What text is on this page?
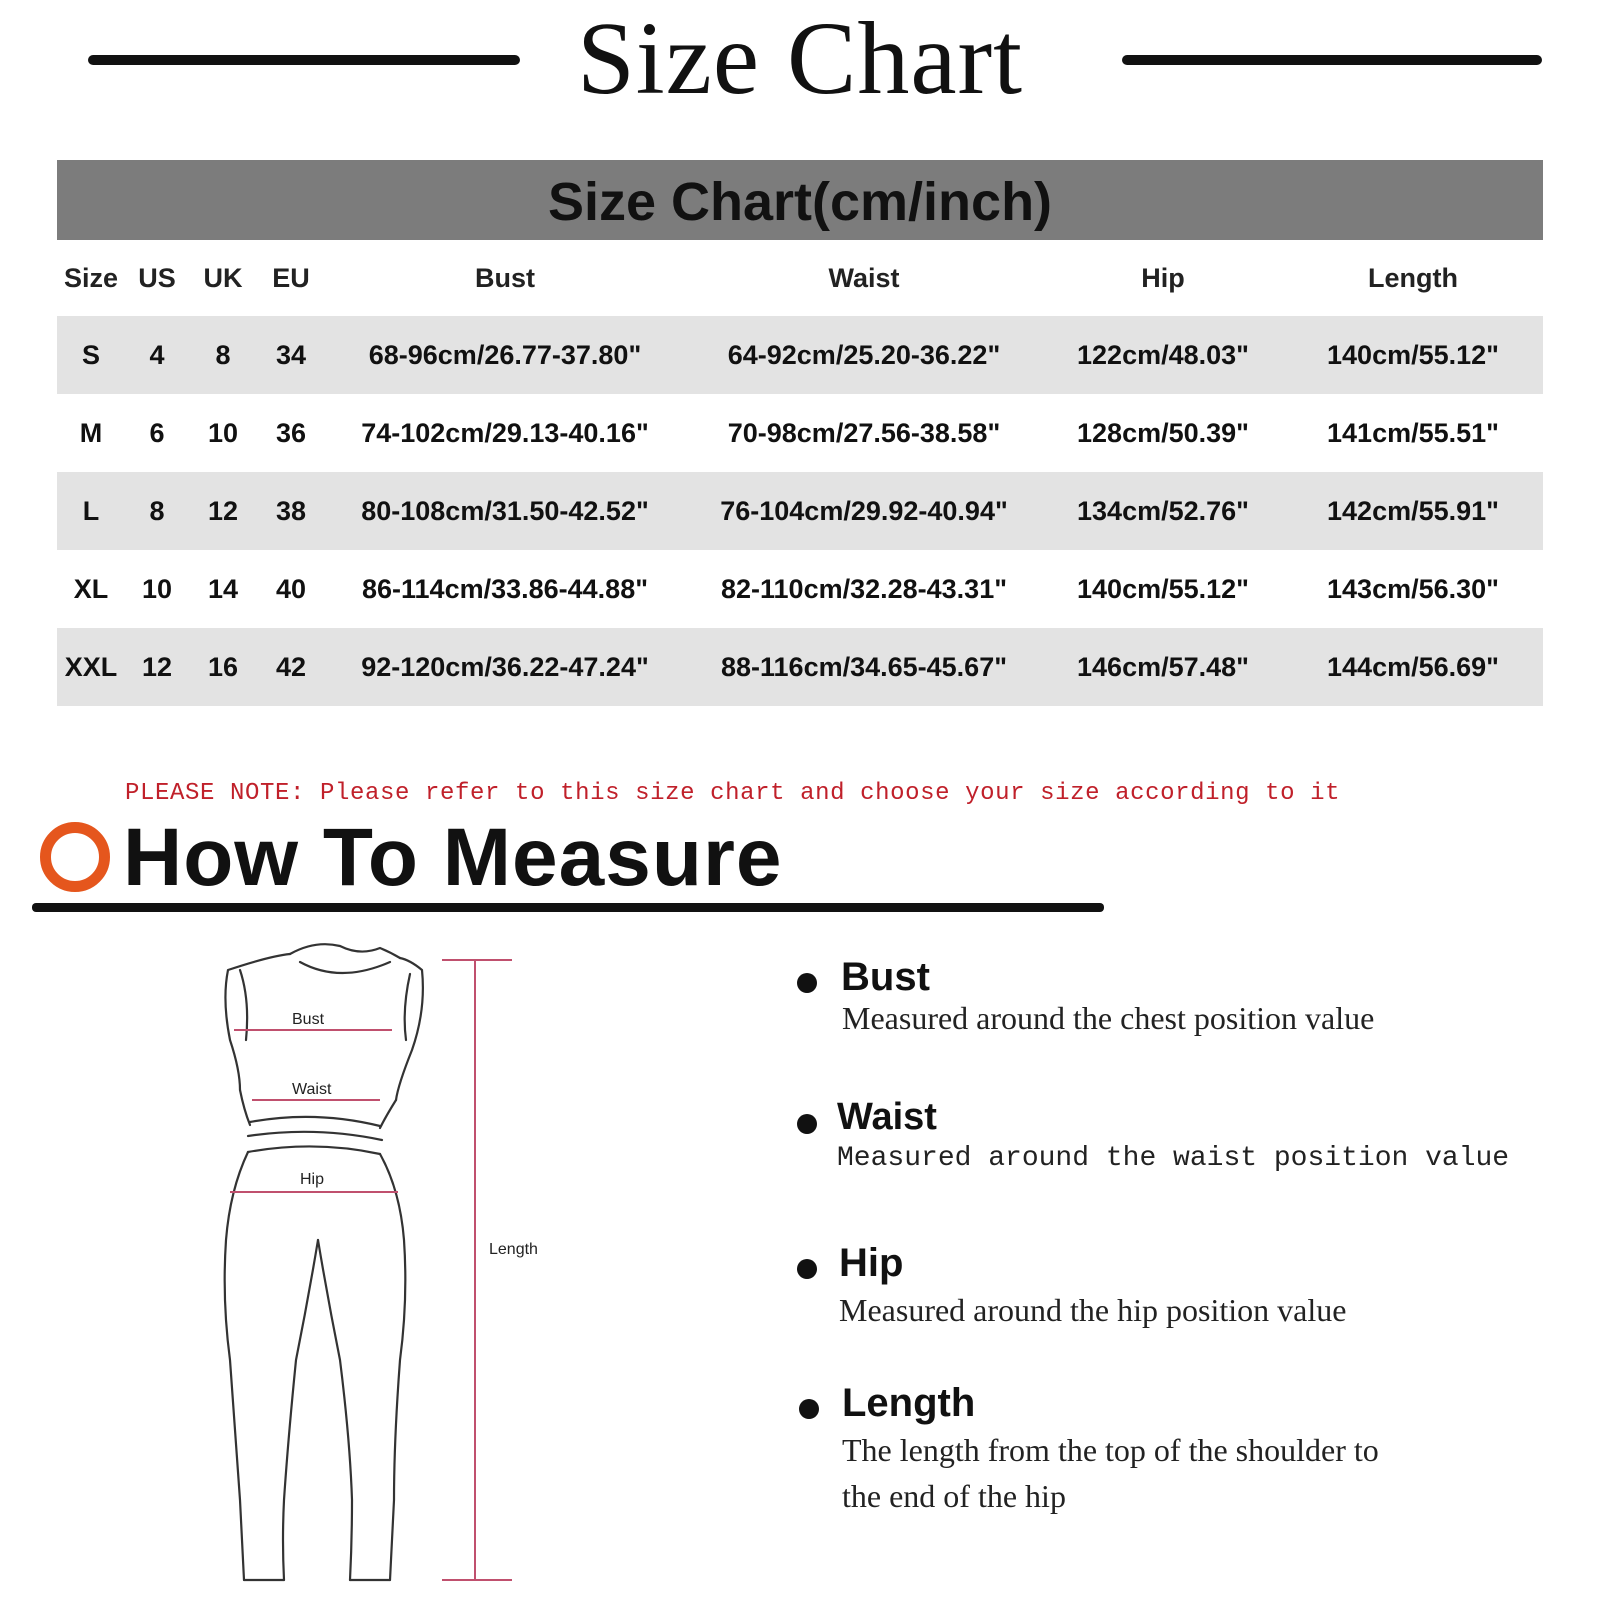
Size Chart
Size Chart(cm/inch)
Size	US	UK	EU	Bust	Waist	Hip	Length
S	4	8	34	68-96cm/26.77-37.80"	64-92cm/25.20-36.22"	122cm/48.03"	140cm/55.12"
M	6	10	36	74-102cm/29.13-40.16"	70-98cm/27.56-38.58"	128cm/50.39"	141cm/55.51"
L	8	12	38	80-108cm/31.50-42.52"	76-104cm/29.92-40.94"	134cm/52.76"	142cm/55.91"
XL	10	14	40	86-114cm/33.86-44.88"	82-110cm/32.28-43.31"	140cm/55.12"	143cm/56.30"
XXL	12	16	42	92-120cm/36.22-47.24"	88-116cm/34.65-45.67"	146cm/57.48"	144cm/56.69"
PLEASE NOTE: Please refer to this size chart and choose your size according to it
How To Measure
Bust
Waist
Hip
Length
Bust
Measured around the chest position value
Waist
Measured around the waist position value
Hip
Measured around the hip position value
Length
The length from the top of the shoulder to
the end of the hip
